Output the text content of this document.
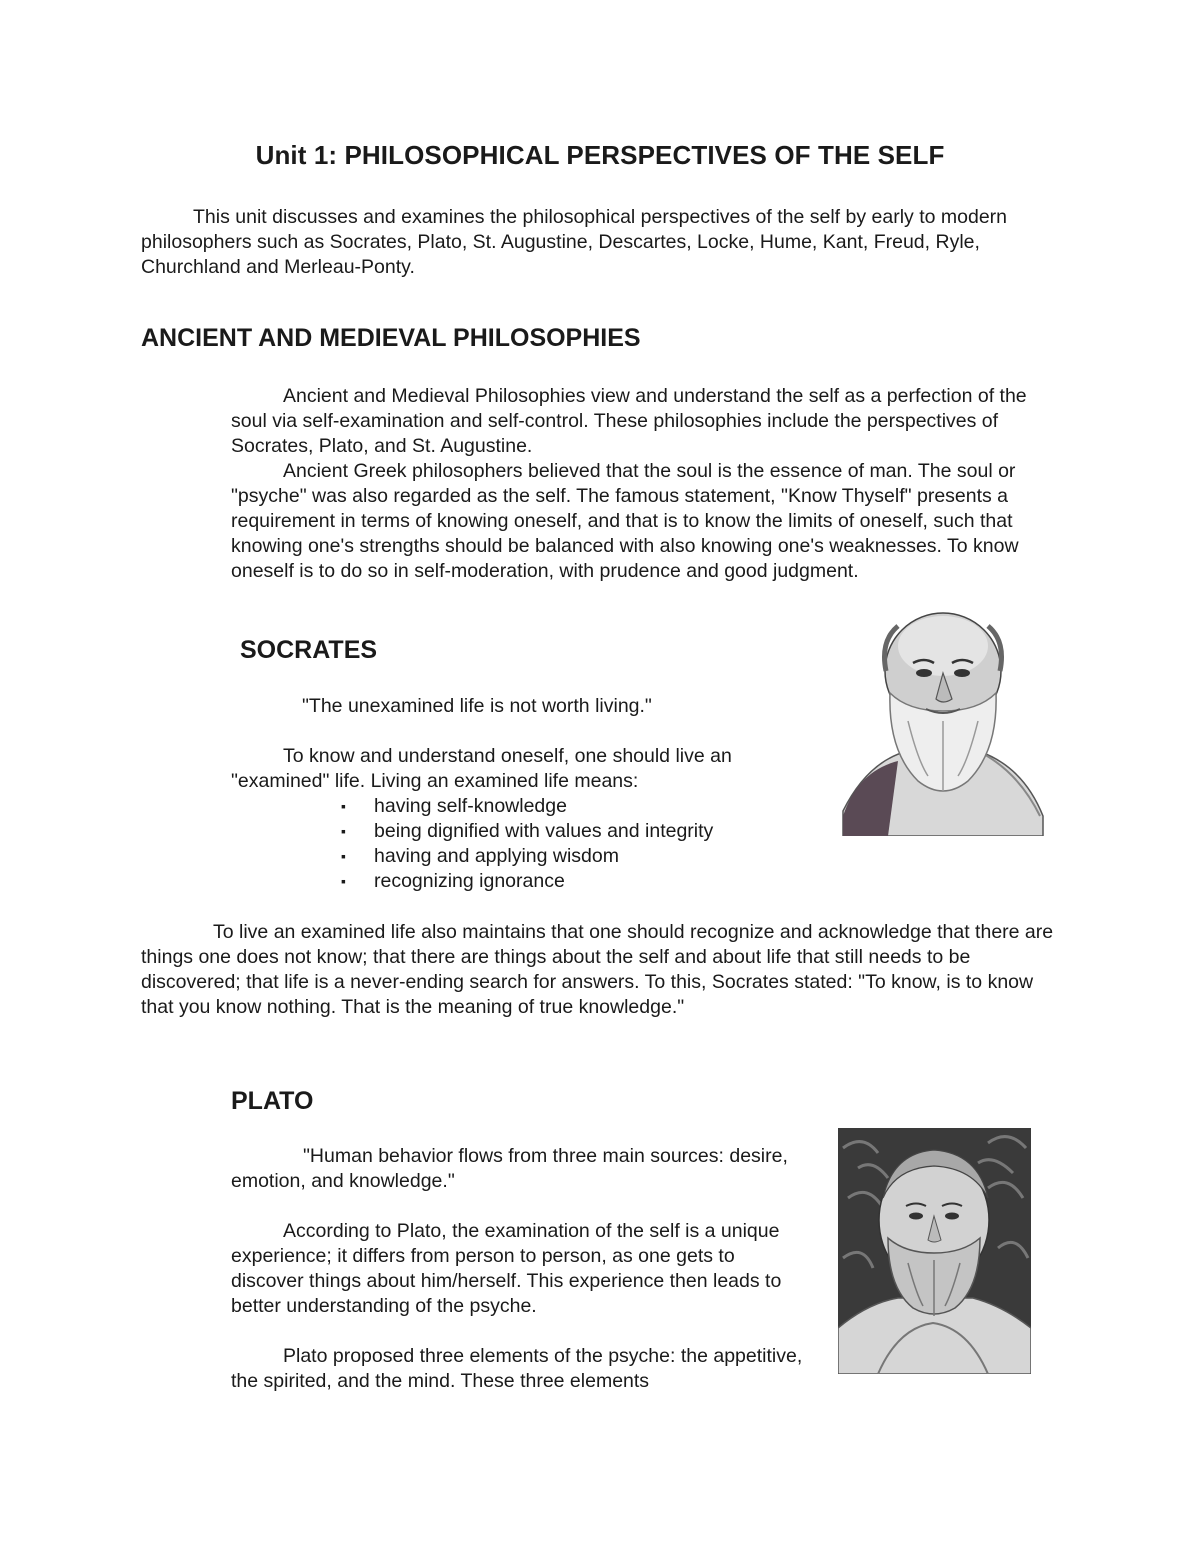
Unit 1: PHILOSOPHICAL PERSPECTIVES OF THE SELF

This unit discusses and examines the philosophical perspectives of the self by early to modern philosophers such as Socrates, Plato, St. Augustine, Descartes, Locke, Hume, Kant, Freud, Ryle, Churchland and Merleau-Ponty.

ANCIENT AND MEDIEVAL PHILOSOPHIES

Ancient and Medieval Philosophies view and understand the self as a perfection of the soul via self-examination and self-control. These philosophies include the perspectives of Socrates, Plato, and St. Augustine.

Ancient Greek philosophers believed that the soul is the essence of man. The soul or "psyche" was also regarded as the self. The famous statement, "Know Thyself" presents a requirement in terms of knowing oneself, and that is to know the limits of oneself, such that knowing one's strengths should be balanced with also knowing one's weaknesses. To know oneself is to do so in self-moderation, with prudence and good judgment.

SOCRATES

"The unexamined life is not worth living."

To know and understand oneself, one should live an "examined" life. Living an examined life means:

▪ having self-knowledge
▪ being dignified with values and integrity
▪ having and applying wisdom
▪ recognizing ignorance

To live an examined life also maintains that one should recognize and acknowledge that there are things one does not know; that there are things about the self and about life that still needs to be discovered; that life is a never-ending search for answers. To this, Socrates stated: "To know, is to know that you know nothing. That is the meaning of true knowledge."

PLATO

"Human behavior flows from three main sources: desire, emotion, and knowledge."

According to Plato, the examination of the self is a unique experience; it differs from person to person, as one gets to discover things about him/herself. This experience then leads to better understanding of the psyche.

Plato proposed three elements of the psyche: the appetitive, the spirited, and the mind. These three elements
